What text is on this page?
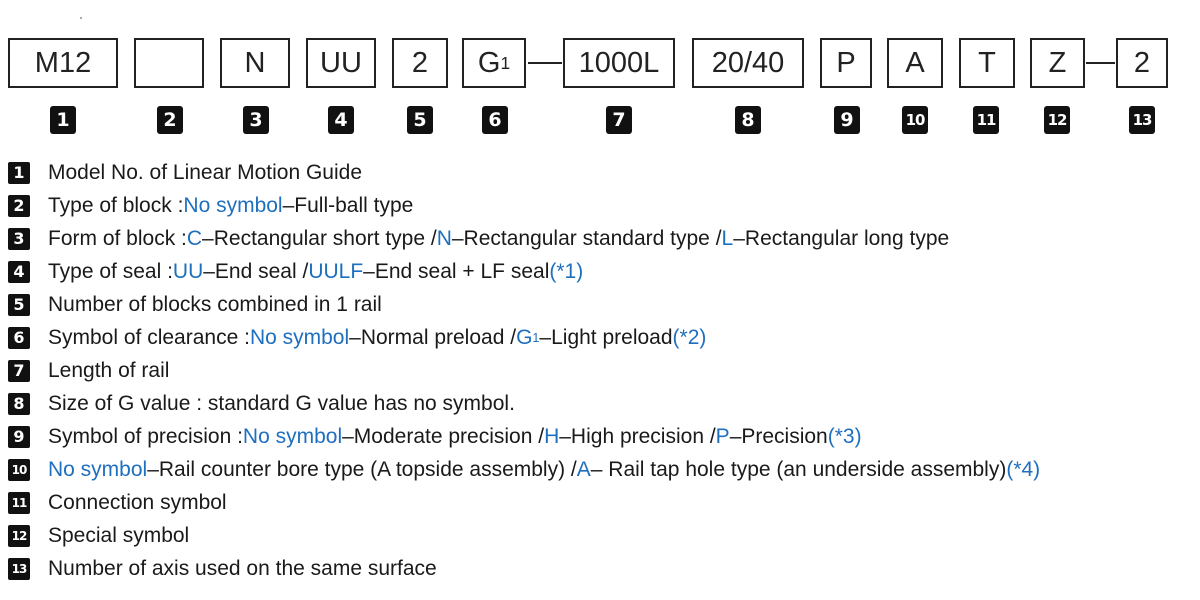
M12	N	UU	2	G 1	1000L	20/40	P	A	T	Z	2
1	2	3	4	5	6	7	8	9	10	11	12	13
1 Model No. of Linear Motion Guide
2 Type of block : No symbol –Full-ball type
3 Form of block : C –Rectangular short type / N –Rectangular standard type / L –Rectangular long type
4 Type of seal : UU –End seal / UULF –End seal + LF seal (*1)
5 Number of blocks combined in 1 rail
6 Symbol of clearance : No symbol –Normal preload / G 1 –Light preload (*2)
7 Length of rail
8 Size of G value : standard G value has no symbol.
9 Symbol of precision : No symbol –Moderate precision / H –High precision / P –Precision (*3)
10 No symbol –Rail counter bore type (A topside assembly) / A – Rail tap hole type (an underside assembly) (*4)
11 Connection symbol
12 Special symbol
13 Number of axis used on the same surface
